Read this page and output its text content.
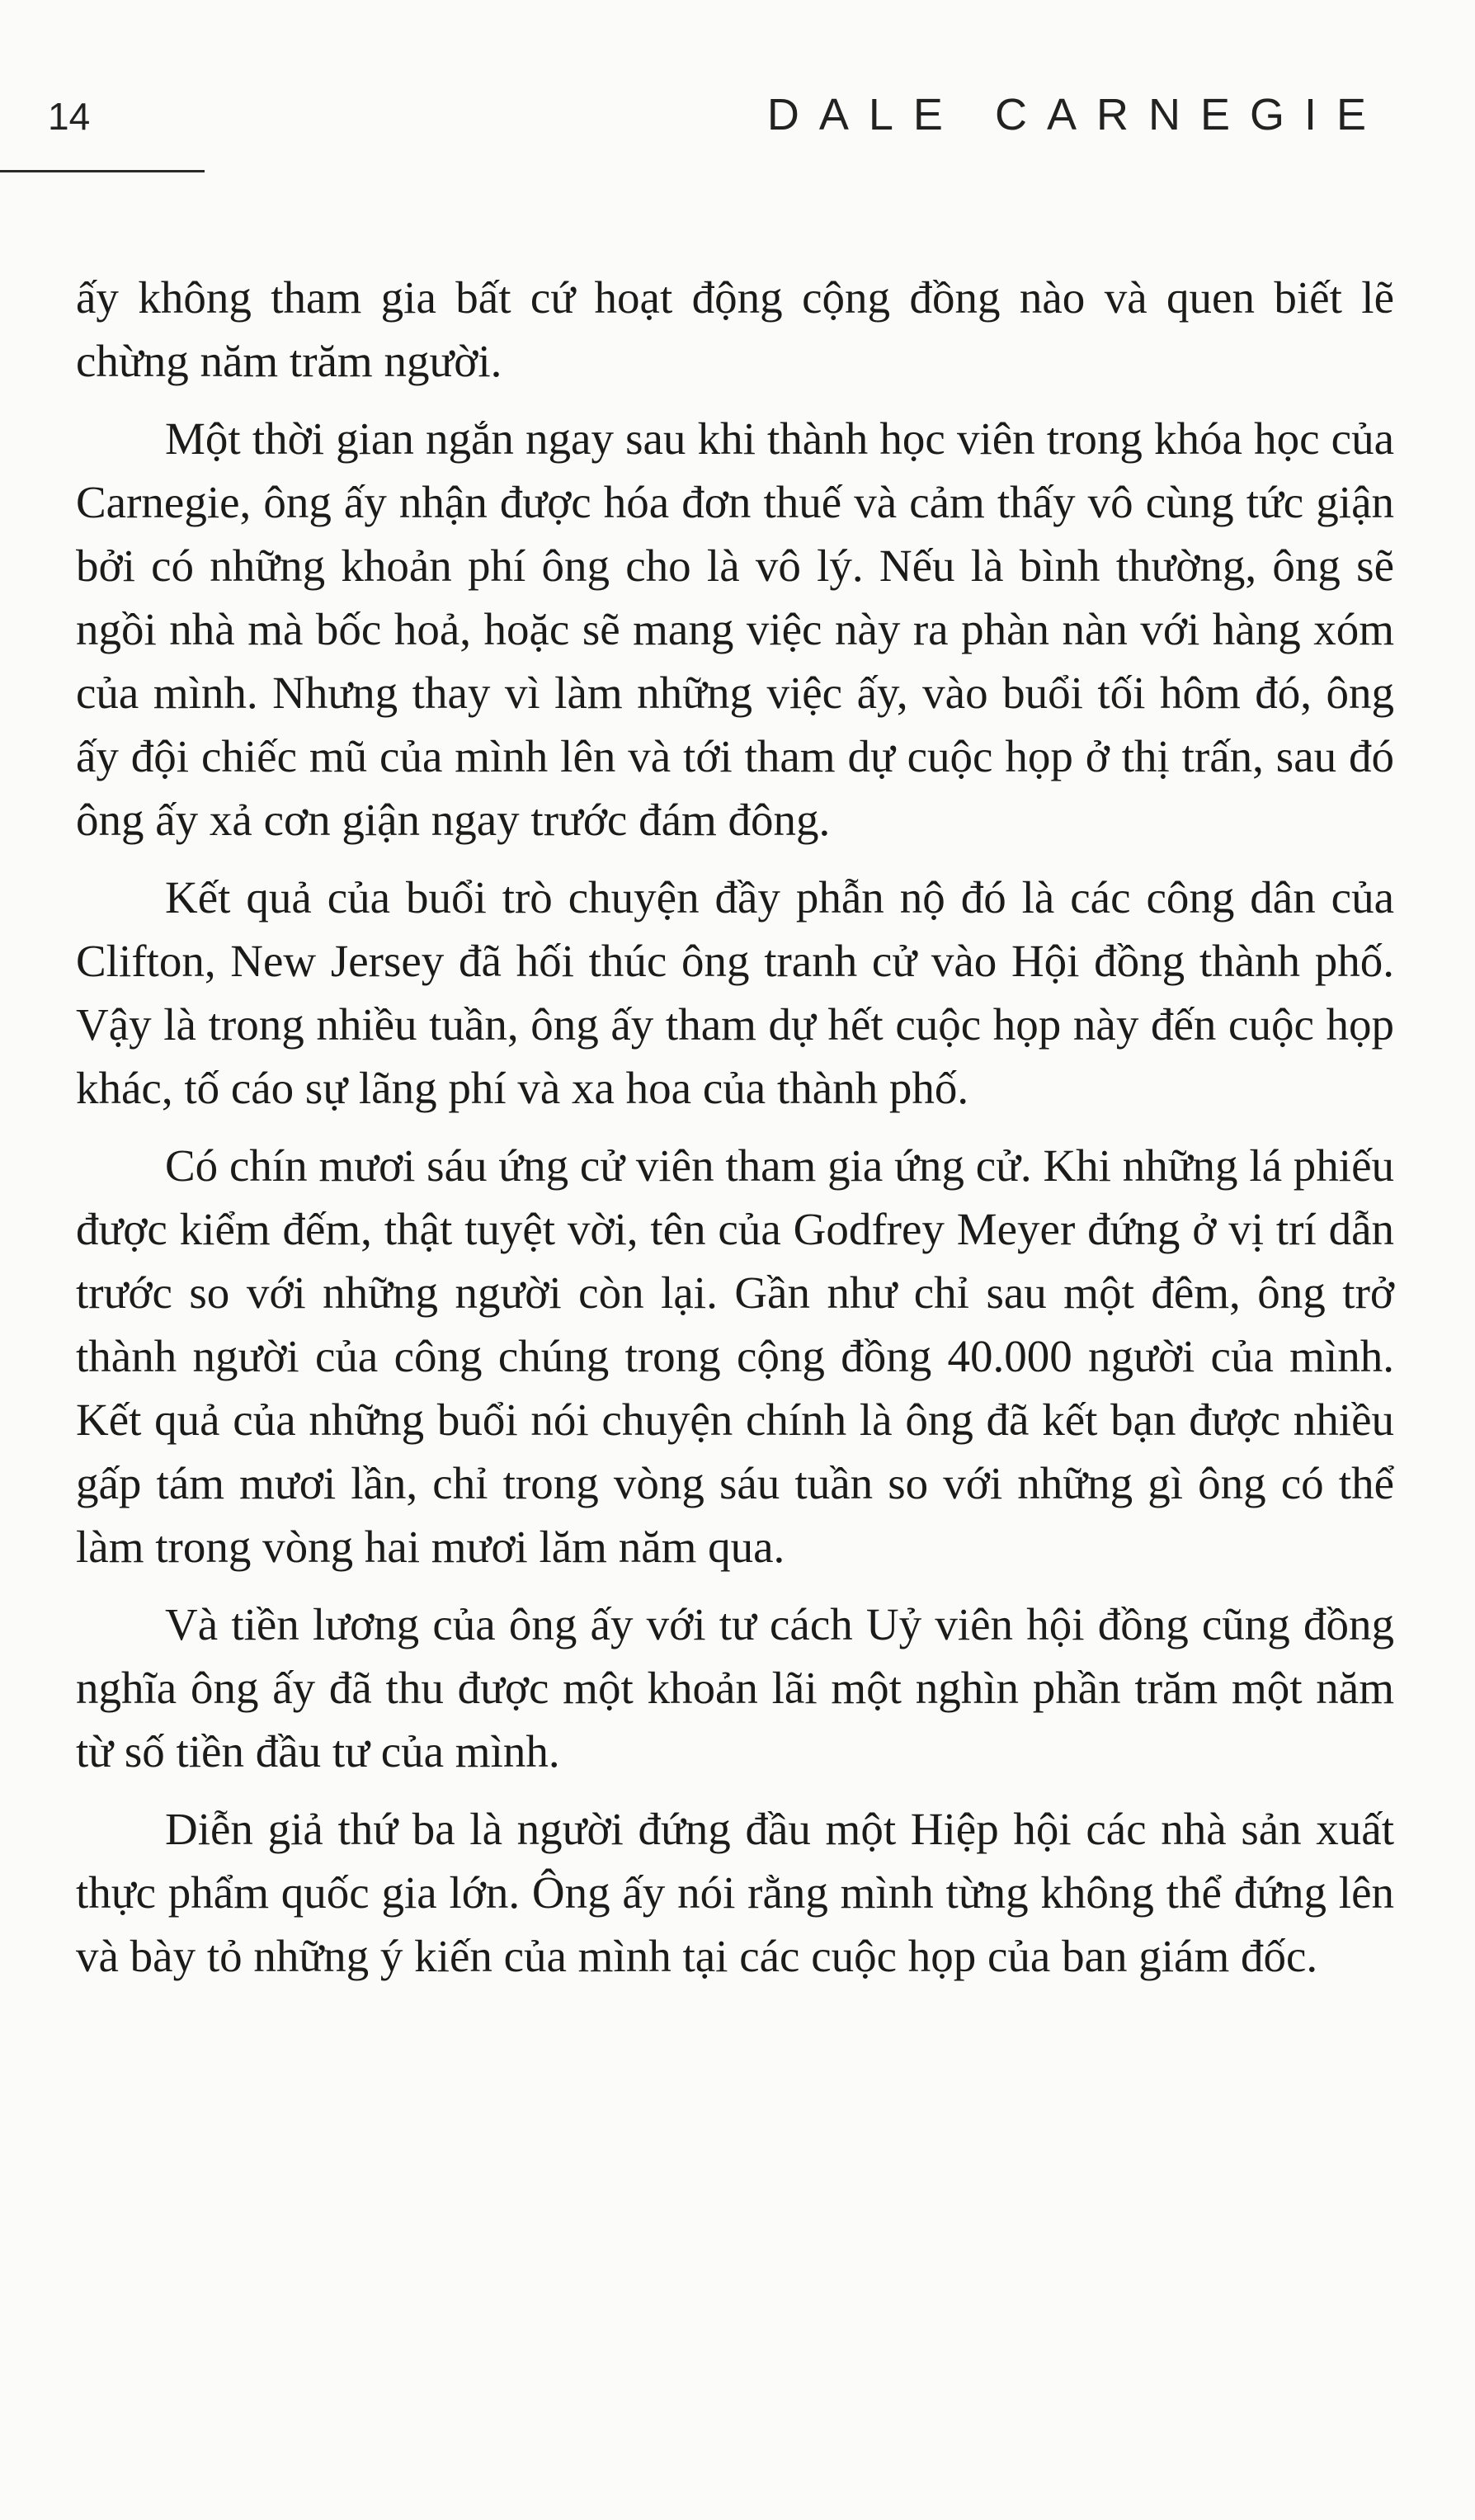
14	DALE CARNEGIE

ấy không tham gia bất cứ hoạt động cộng đồng nào và quen biết lẽ chừng năm trăm người.

Một thời gian ngắn ngay sau khi thành học viên trong khóa học của Carnegie, ông ấy nhận được hóa đơn thuế và cảm thấy vô cùng tức giận bởi có những khoản phí ông cho là vô lý. Nếu là bình thường, ông sẽ ngồi nhà mà bốc hoả, hoặc sẽ mang việc này ra phàn nàn với hàng xóm của mình. Nhưng thay vì làm những việc ấy, vào buổi tối hôm đó, ông ấy đội chiếc mũ của mình lên và tới tham dự cuộc họp ở thị trấn, sau đó ông ấy xả cơn giận ngay trước đám đông.

Kết quả của buổi trò chuyện đầy phẫn nộ đó là các công dân của Clifton, New Jersey đã hối thúc ông tranh cử vào Hội đồng thành phố. Vậy là trong nhiều tuần, ông ấy tham dự hết cuộc họp này đến cuộc họp khác, tố cáo sự lãng phí và xa hoa của thành phố.

Có chín mươi sáu ứng cử viên tham gia ứng cử. Khi những lá phiếu được kiểm đếm, thật tuyệt vời, tên của Godfrey Meyer đứng ở vị trí dẫn trước so với những người còn lại. Gần như chỉ sau một đêm, ông trở thành người của công chúng trong cộng đồng 40.000 người của mình. Kết quả của những buổi nói chuyện chính là ông đã kết bạn được nhiều gấp tám mươi lần, chỉ trong vòng sáu tuần so với những gì ông có thể làm trong vòng hai mươi lăm năm qua.

Và tiền lương của ông ấy với tư cách Uỷ viên hội đồng cũng đồng nghĩa ông ấy đã thu được một khoản lãi một nghìn phần trăm một năm từ số tiền đầu tư của mình.

Diễn giả thứ ba là người đứng đầu một Hiệp hội các nhà sản xuất thực phẩm quốc gia lớn. Ông ấy nói rằng mình từng không thể đứng lên và bày tỏ những ý kiến của mình tại các cuộc họp của ban giám đốc.
